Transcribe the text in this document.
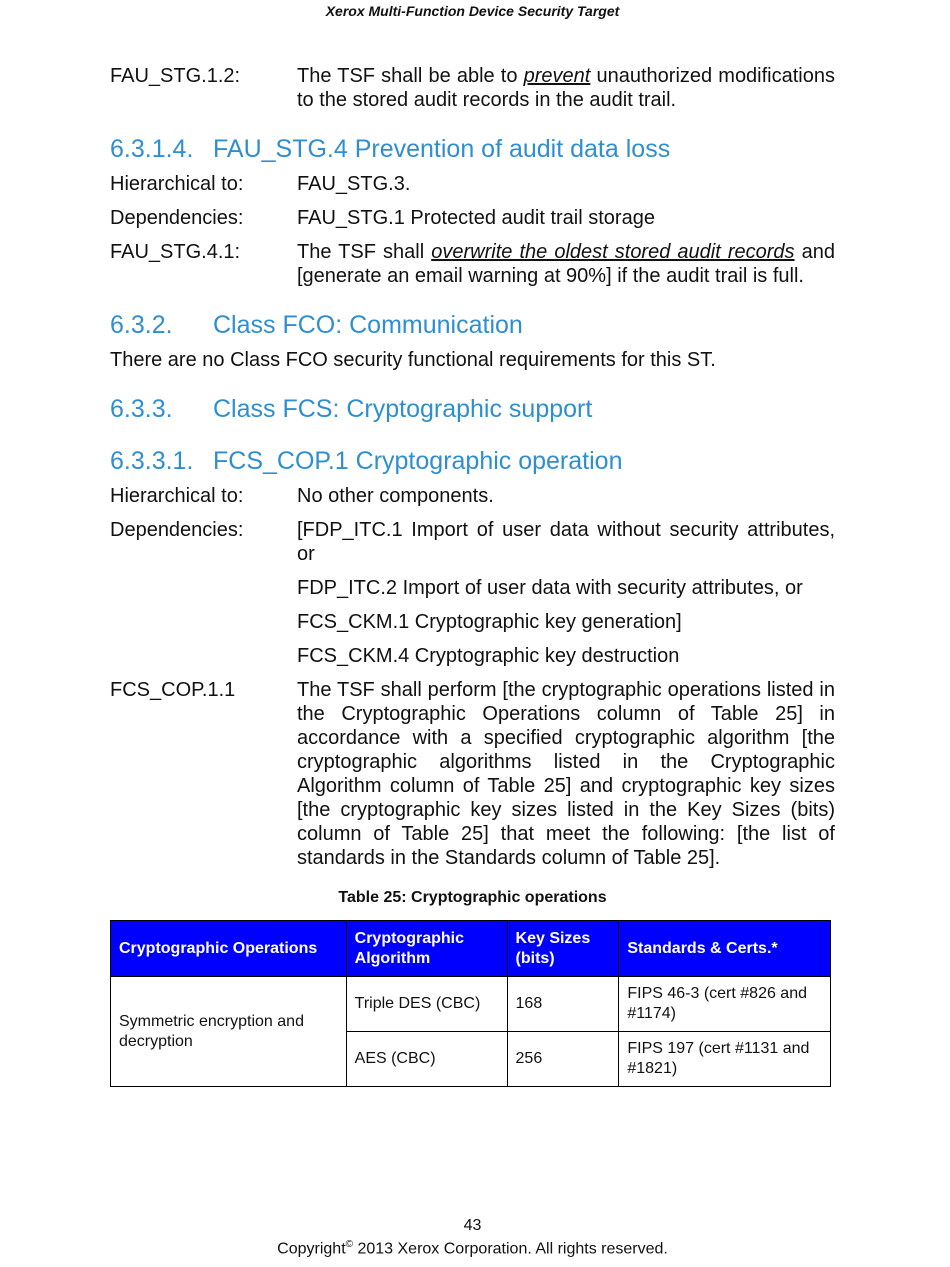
Xerox Multi-Function Device Security Target
FAU_STG.1.2:	The TSF shall be able to prevent unauthorized modifications to the stored audit records in the audit trail.
6.3.1.4. FAU_STG.4 Prevention of audit data loss
Hierarchical to:	FAU_STG.3.
Dependencies:	FAU_STG.1 Protected audit trail storage
FAU_STG.4.1:	The TSF shall overwrite the oldest stored audit records and [generate an email warning at 90%] if the audit trail is full.
6.3.2.	Class FCO: Communication
There are no Class FCO security functional requirements for this ST.
6.3.3.	Class FCS: Cryptographic support
6.3.3.1. FCS_COP.1 Cryptographic operation
Hierarchical to:	No other components.
Dependencies:	[FDP_ITC.1 Import of user data without security attributes, or
FDP_ITC.2 Import of user data with security attributes, or
FCS_CKM.1 Cryptographic key generation]
FCS_CKM.4 Cryptographic key destruction
FCS_COP.1.1	The TSF shall perform [the cryptographic operations listed in the Cryptographic Operations column of Table 25] in accordance with a specified cryptographic algorithm [the cryptographic algorithms listed in the Cryptographic Algorithm column of Table 25] and cryptographic key sizes [the cryptographic key sizes listed in the Key Sizes (bits) column of Table 25] that meet the following: [the list of standards in the Standards column of Table 25].
Table 25: Cryptographic operations
Cryptographic Operations	Cryptographic Algorithm	Key Sizes (bits)	Standards & Certs.*
Symmetric encryption and decryption	Triple DES (CBC)	168	FIPS 46-3 (cert #826 and #1174)
	AES (CBC)	256	FIPS 197 (cert #1131 and #1821)
43
Copyright© 2013 Xerox Corporation. All rights reserved.
